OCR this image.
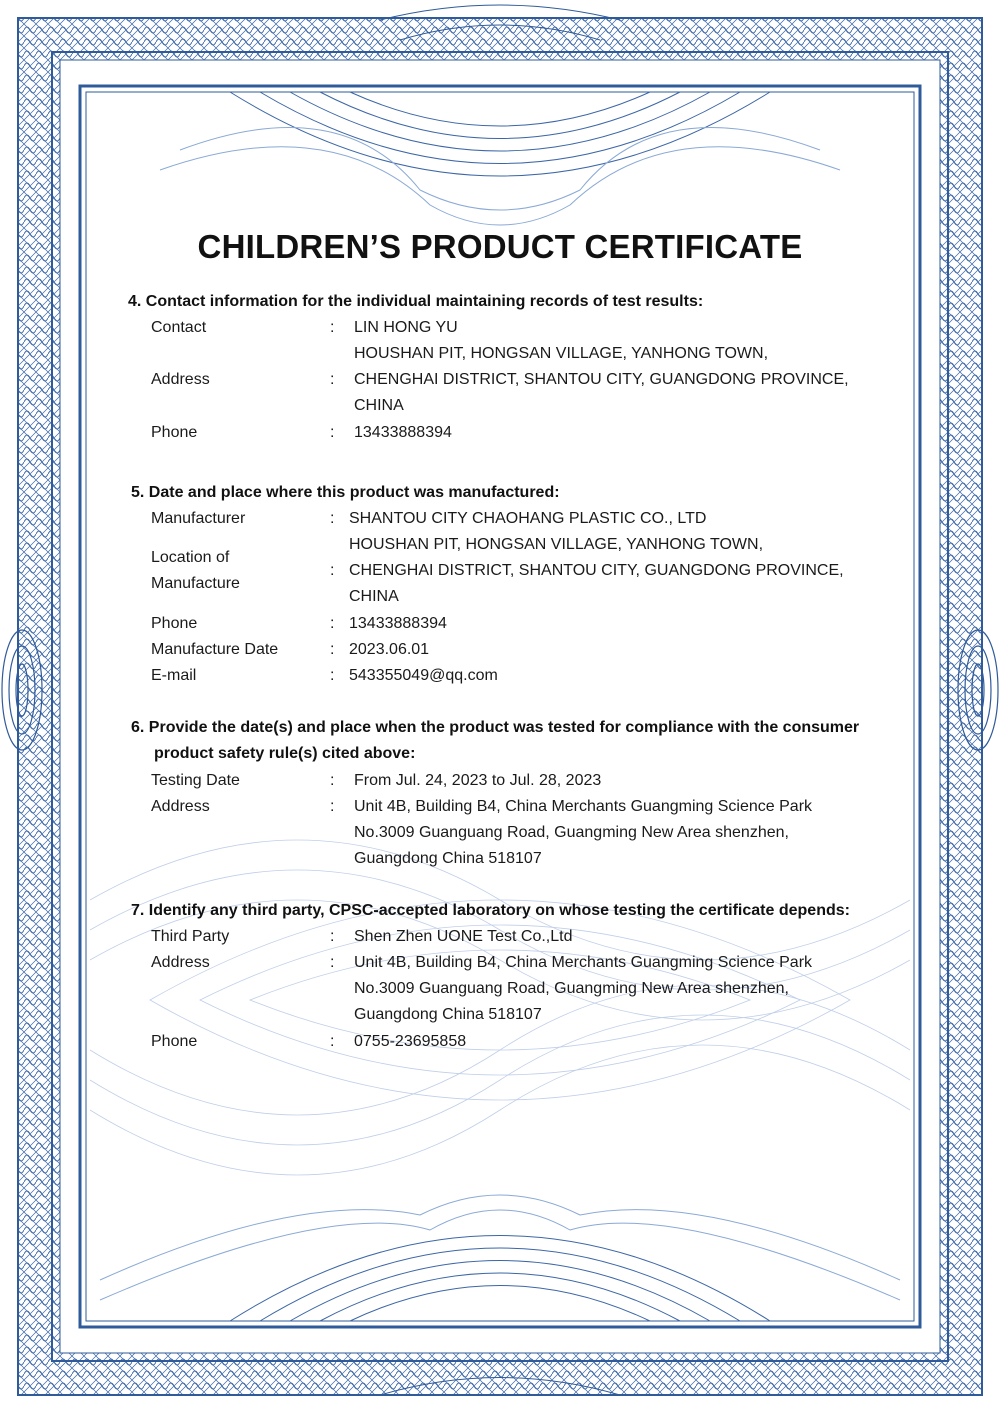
CHILDREN’S PRODUCT CERTIFICATE

4. Contact information for the individual maintaining records of test results:

Contact	: LIN HONG YU
Address	:
HOUSHAN PIT, HONGSAN VILLAGE, YANHONG TOWN,
CHENGHAI DISTRICT, SHANTOU CITY, GUANGDONG PROVINCE,
CHINA
Phone	: 13433888394

5. Date and place where this product was manufactured:

Manufacturer	: SHANTOU CITY CHAOHANG PLASTIC CO., LTD
Location of
Manufacture
:
HOUSHAN PIT, HONGSAN VILLAGE, YANHONG TOWN,
CHENGHAI DISTRICT, SHANTOU CITY, GUANGDONG PROVINCE,
CHINA
Phone	: 13433888394
Manufacture Date	: 2023.06.01
E-mail	: 543355049@qq.com
6. Provide the date(s) and place when the product was tested for compliance with the consumer
product safety rule(s) cited above:
Testing Date	: From Jul. 24, 2023 to Jul. 28, 2023
Address	: Unit 4B, Building B4, China Merchants Guangming Science Park
No.3009 Guanguang Road, Guangming New Area shenzhen,
Guangdong China 518107

7. Identify any third party, CPSC-accepted laboratory on whose testing the certificate depends:

Third Party	: Shen Zhen UONE Test Co.,Ltd
Address	: Unit 4B, Building B4, China Merchants Guangming Science Park
No.3009 Guanguang Road, Guangming New Area shenzhen,
Guangdong China 518107
Phone	: 0755-23695858
